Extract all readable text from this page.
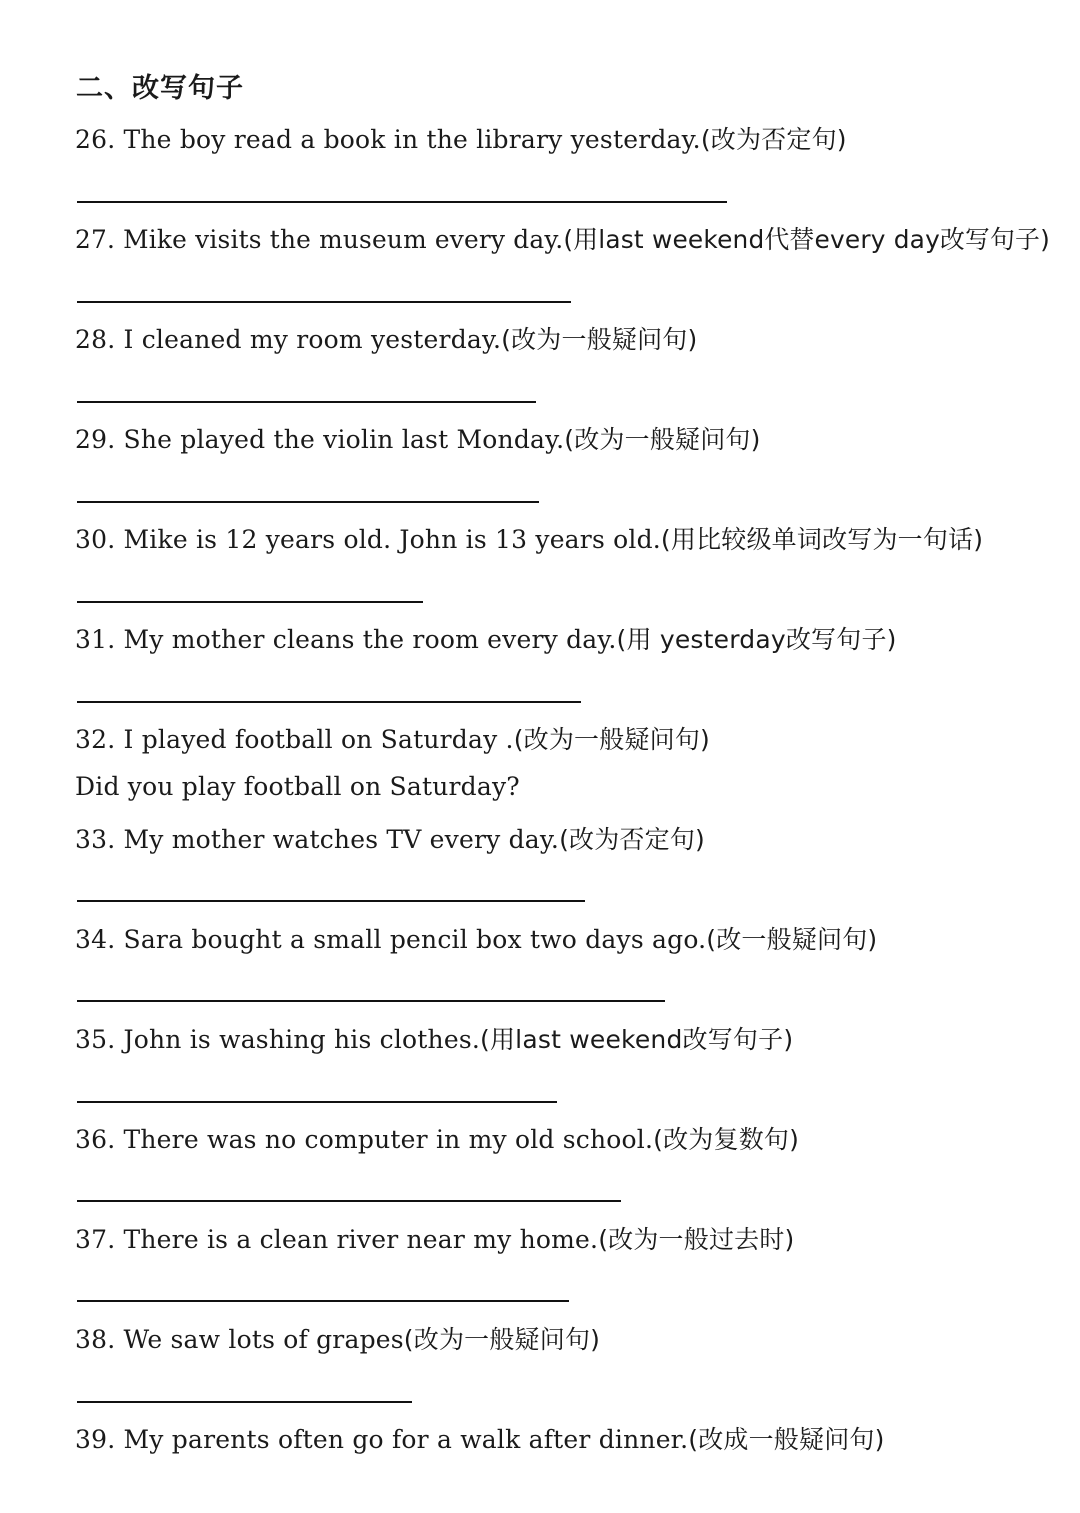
二、改写句子
26. The boy read a book in the library yesterday.(改为否定句)
27. Mike visits the museum every day.(用last weekend代替every day改写句子)
28. I cleaned my room yesterday.(改为一般疑问句)
29. She played the violin last Monday.(改为一般疑问句)
30. Mike is 12 years old. John is 13 years old.(用比较级单词改写为一句话)
31. My mother cleans the room every day.(用 yesterday改写句子)
32. I played football on Saturday .(改为一般疑问句)
Did you play football on Saturday?
33. My mother watches TV every day.(改为否定句)
34. Sara bought a small pencil box two days ago.(改一般疑问句)
35. John is washing his clothes.(用last weekend改写句子)
36. There was no computer in my old school.(改为复数句)
37. There is a clean river near my home.(改为一般过去时)
38. We saw lots of grapes(改为一般疑问句)
39. My parents often go for a walk after dinner.(改成一般疑问句)
